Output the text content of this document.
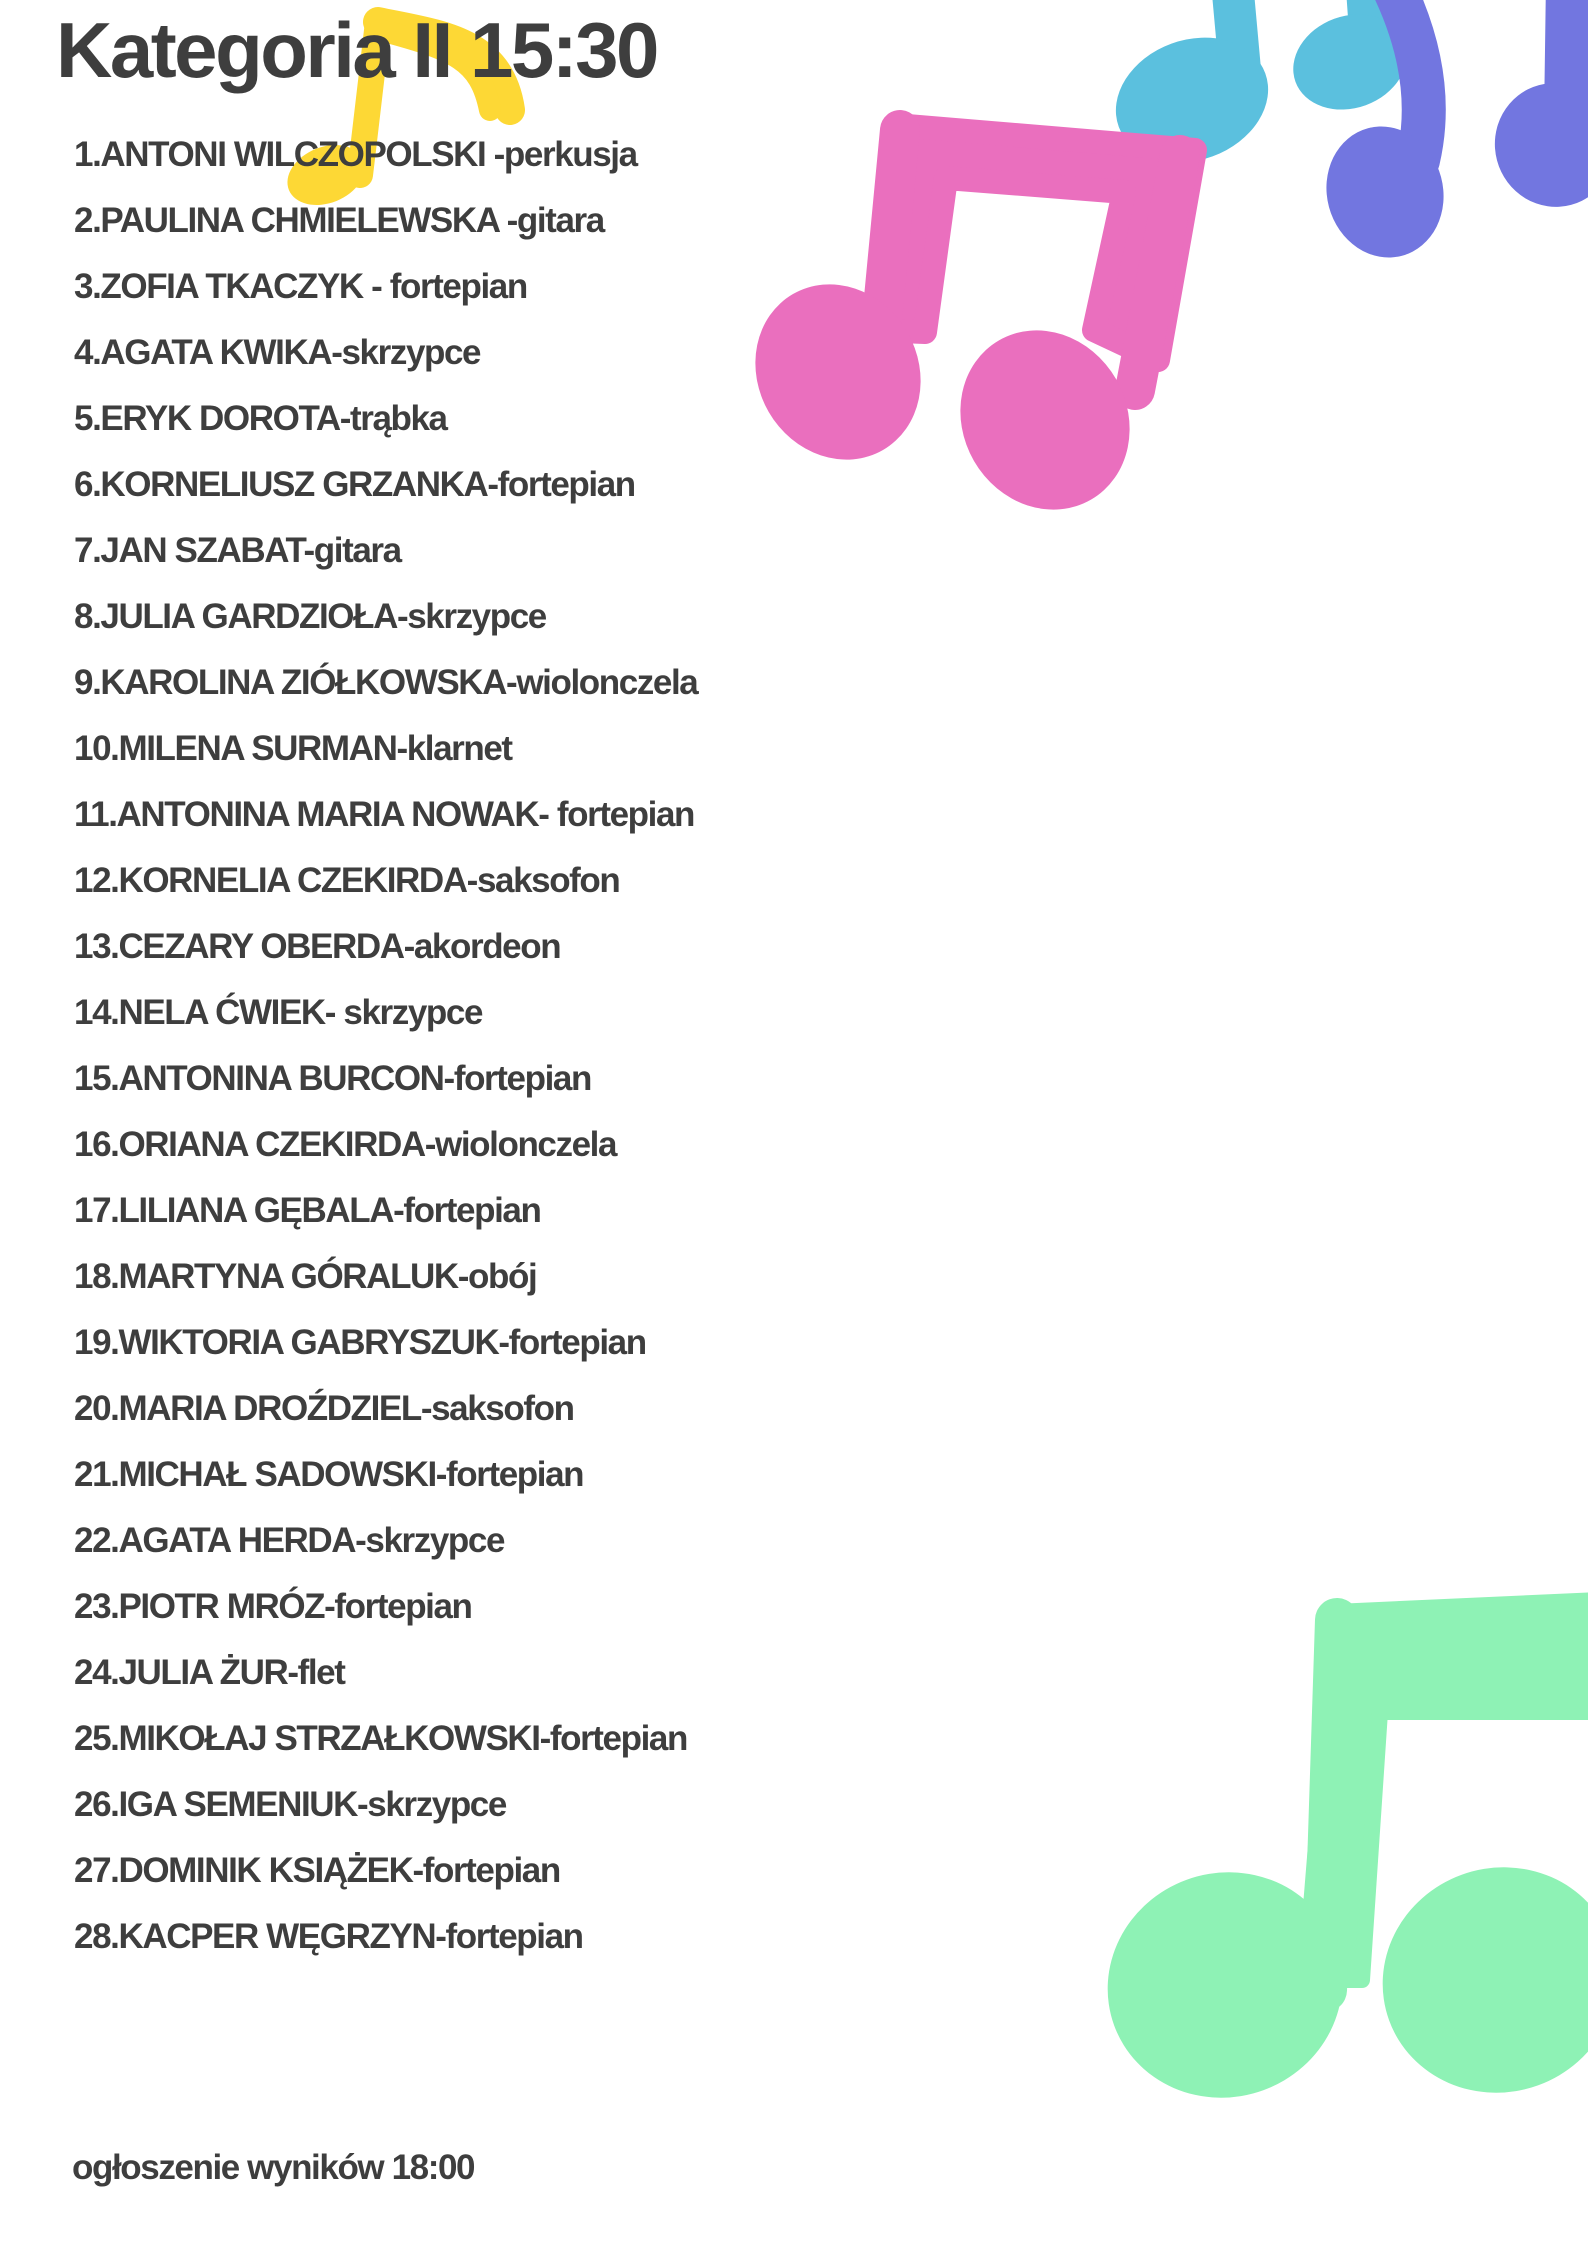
Kategoria II 15:30
1.ANTONI WILCZOPOLSKI -perkusja
2.PAULINA CHMIELEWSKA -gitara
3.ZOFIA TKACZYK - fortepian
4.AGATA KWIKA-skrzypce
5.ERYK DOROTA-trąbka
6.KORNELIUSZ GRZANKA-fortepian
7.JAN SZABAT-gitara
8.JULIA GARDZIOŁA-skrzypce
9.KAROLINA ZIÓŁKOWSKA-wiolonczela
10.MILENA SURMAN-klarnet
11.ANTONINA MARIA NOWAK- fortepian
12.KORNELIA CZEKIRDA-saksofon
13.CEZARY OBERDA-akordeon
14.NELA ĆWIEK- skrzypce
15.ANTONINA BURCON-fortepian
16.ORIANA CZEKIRDA-wiolonczela
17.LILIANA GĘBALA-fortepian
18.MARTYNA GÓRALUK-obój
19.WIKTORIA GABRYSZUK-fortepian
20.MARIA DROŹDZIEL-saksofon
21.MICHAŁ SADOWSKI-fortepian
22.AGATA HERDA-skrzypce
23.PIOTR MRÓZ-fortepian
24.JULIA ŻUR-flet
25.MIKOŁAJ STRZAŁKOWSKI-fortepian
26.IGA SEMENIUK-skrzypce
27.DOMINIK KSIĄŻEK-fortepian
28.KACPER WĘGRZYN-fortepian

ogłoszenie wyników 18:00
